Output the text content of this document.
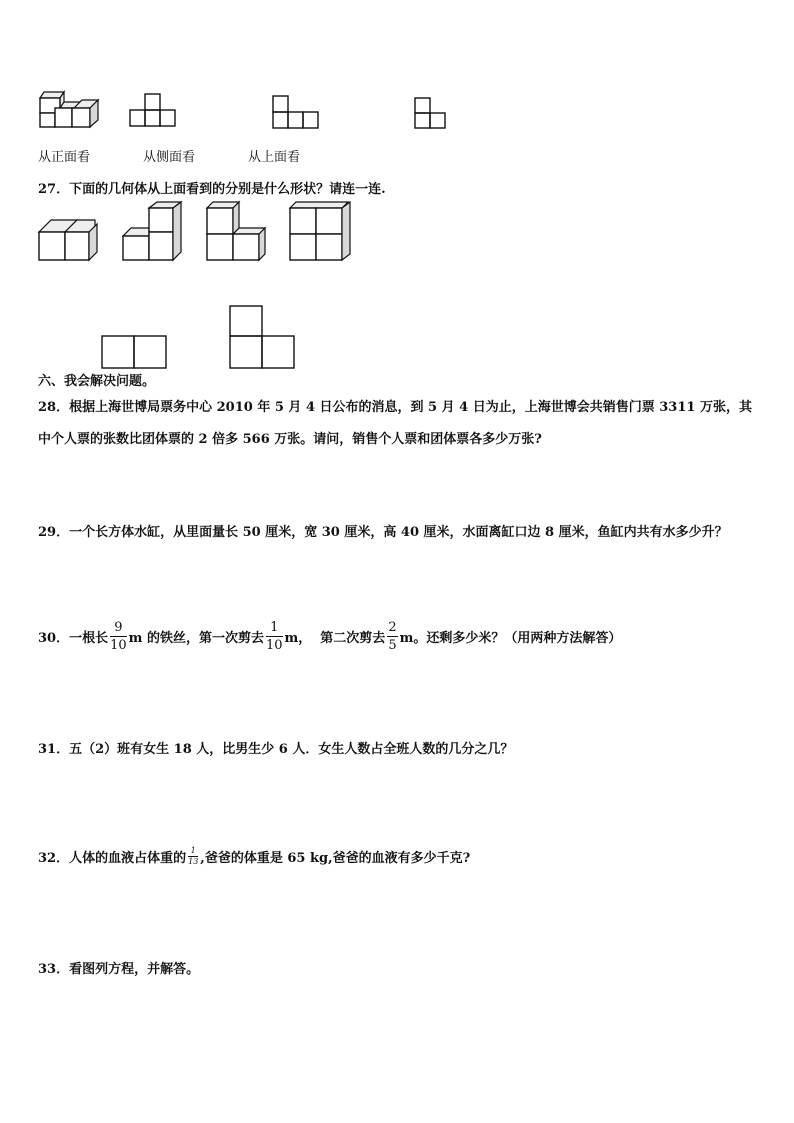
从正面看	从侧面看	从上面看
27．下面的几何体从上面看到的分别是什么形状？请连一连.
六、我会解决问题。
28．根据上海世博局票务中心 2010 年 5 月 4 日公布的消息，到 5 月 4 日为止，上海世博会共销售门票 3311 万张，其
中个人票的张数比团体票的 2 倍多 566 万张。请问，销售个人票和团体票各多少万张?
29．一个长方体水缸，从里面量长 50 厘米，宽 30 厘米，高 40 厘米，水面离缸口边 8 厘米，鱼缸内共有水多少升？
30． 一根长 $\frac{9}{10}$ m 的铁丝，第一次剪去 $\frac{1}{10}$ m，  第二次剪去 $\frac{2}{5}$ m。还剩多少米？（用两种方法解答）
31．五（2）班有女生 18 人，比男生少 6 人．女生人数占全班人数的几分之几？
32． 人体的血液占体重的 $\frac{1}{13}$ ,爸爸的体重是 65 kg,爸爸的血液有多少千克?
33．看图列方程，并解答。
